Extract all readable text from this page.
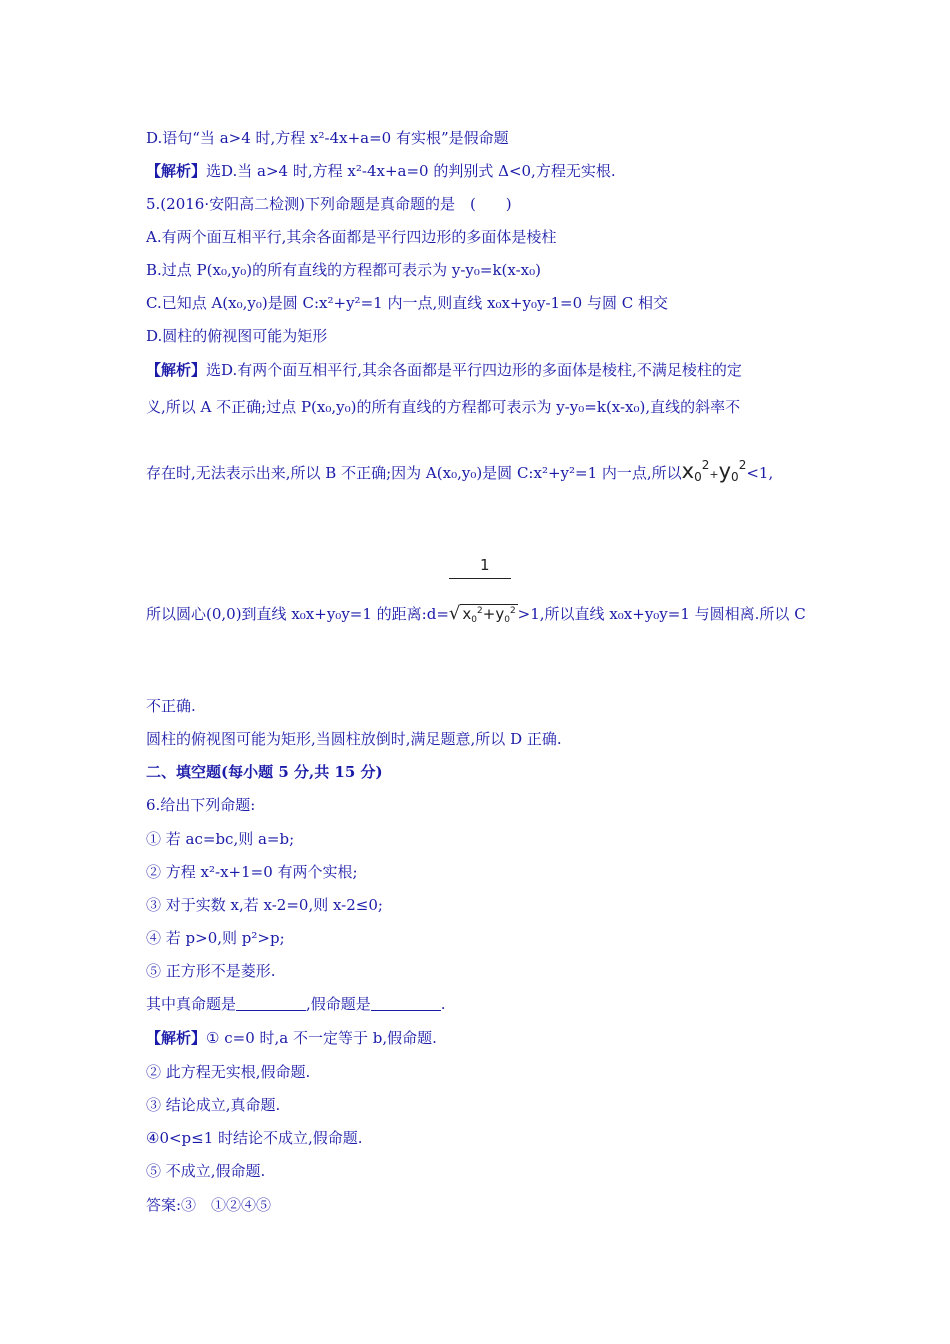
D.语句“当 a>4 时,方程 x²-4x+a=0 有实根”是假命题
【解析】选D.当 a>4 时,方程 x²-4x+a=0 的判别式 Δ<0,方程无实根.
5.(2016·安阳高二检测)下列命题是真命题的是　(　　)
A.有两个面互相平行,其余各面都是平行四边形的多面体是棱柱
B.过点 P(x₀,y₀)的所有直线的方程都可表示为 y-y₀=k(x-x₀)
C.已知点 A(x₀,y₀)是圆 C:x²+y²=1 内一点,则直线 x₀x+y₀y-1=0 与圆 C 相交
D.圆柱的俯视图可能为矩形
【解析】选D.有两个面互相平行,其余各面都是平行四边形的多面体是棱柱,不满足棱柱的定
义,所以 A 不正确;过点 P(x₀,y₀)的所有直线的方程都可表示为 y-y₀=k(x-x₀),直线的斜率不
存在时,无法表示出来,所以 B 不正确;因为 A(x₀,y₀)是圆 C:x²+y²=1 内一点,所以$x_0^2+y_0^2<1$,
1
所以圆心(0,0)到直线 x₀x+y₀y=1 的距离:d=
√ $x_0^2+y_0^2 >1$,所以直线 x₀x+y₀y=1 与圆相离.所以 C
不正确.
圆柱的俯视图可能为矩形,当圆柱放倒时,满足题意,所以 D 正确.
二、填空题(每小题 5 分,共 15 分)
6.给出下列命题:
① 若 ac=bc,则 a=b;
② 方程 x²-x+1=0 有两个实根;
③ 对于实数 x,若 x-2=0,则 x-2≤0;
④ 若 p>0,则 p²>p;
⑤ 正方形不是菱形.
其中真命题是	,假命题是	.
【解析】① c=0 时,a 不一定等于 b,假命题.
② 此方程无实根,假命题.
③ 结论成立,真命题.
④0<p≤1 时结论不成立,假命题.
⑤ 不成立,假命题.
答案:③　①②④⑤
